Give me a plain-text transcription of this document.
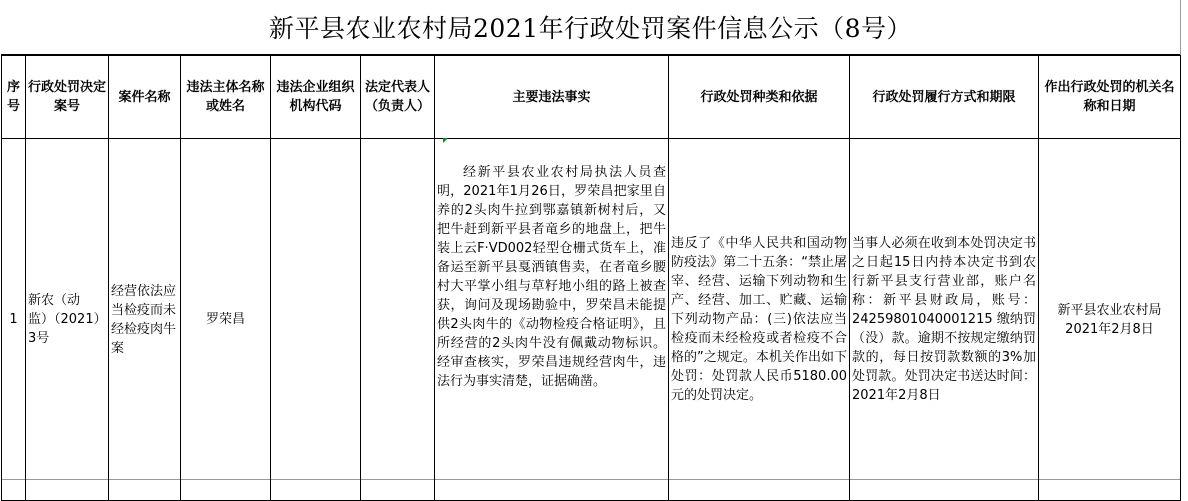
新平县农业农村局2021年行政处罚案件信息公示（8号）
序号	行政处罚决定案号	案件名称	违法主体名称或姓名	违法企业组织机构代码	法定代表人（负责人）	主要违法事实	行政处罚种类和依据	行政处罚履行方式和期限	作出行政处罚的机关名称和日期
1	新农（动监）（2021）3号	经营依法应当检疫而未经检疫肉牛案	罗荣昌			经新平县农业农村局执法人员查明，2021年1月26日，罗荣昌把家里自养的2头肉牛拉到鄂嘉镇新树村后，又把牛赶到新平县者竜乡的地盘上，把牛装上云F·VD002轻型仓栅式货车上，准备运至新平县戛洒镇售卖，在者竜乡腰村大平掌小组与草籽地小组的路上被查获，询问及现场勘验中，罗荣昌未能提供2头肉牛的《动物检疫合格证明》，且所经营的2头肉牛没有佩戴动物标识。经审查核实，罗荣昌违规经营肉牛，违法行为事实清楚，证据确凿。	违反了《中华人民共和国动物防疫法》第二十五条：“禁止屠宰、经营、运输下列动物和生产、经营、加工、贮藏、运输下列动物产品：(三)依法应当检疫而未经检疫或者检疫不合格的”之规定。本机关作出如下处罚：处罚款人民币5180.00元的处罚决定。	当事人必须在收到本处罚决定书之日起15日内持本决定书到农行新平县支行营业部，账户名称：新平县财政局，账号：2425980104000​1215 缴纳罚（没）款。逾期不按规定缴纳罚款的，每日按罚款数额的3%加处罚款。处罚决定书送达时间：2021年2月8日	新平县农业农村局
2021年2月8日
